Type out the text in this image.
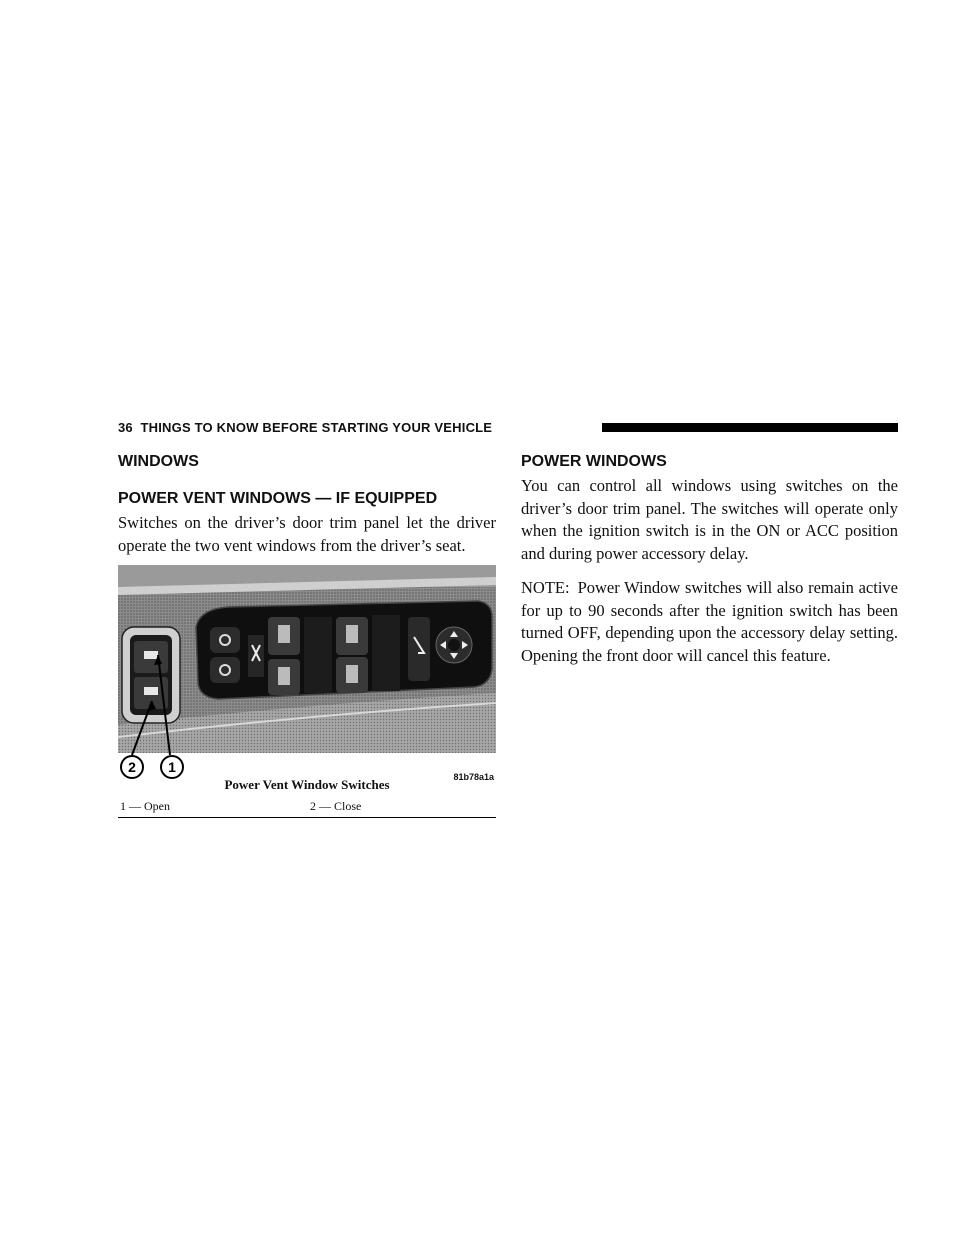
36 THINGS TO KNOW BEFORE STARTING YOUR VEHICLE
WINDOWS
POWER VENT WINDOWS — IF EQUIPPED

Switches on the driver’s door trim panel let the driver operate the two vent windows from the driver’s seat.

2 1
81b78a1a
Power Vent Window Switches
1 — Open	2 — Close
POWER WINDOWS

You can control all windows using switches on the driver’s door trim panel. The switches will operate only when the ignition switch is in the ON or ACC position and during power accessory delay.

NOTE: Power Window switches will also remain active for up to 90 seconds after the ignition switch has been turned OFF, depending upon the accessory delay setting. Opening the front door will cancel this feature.
